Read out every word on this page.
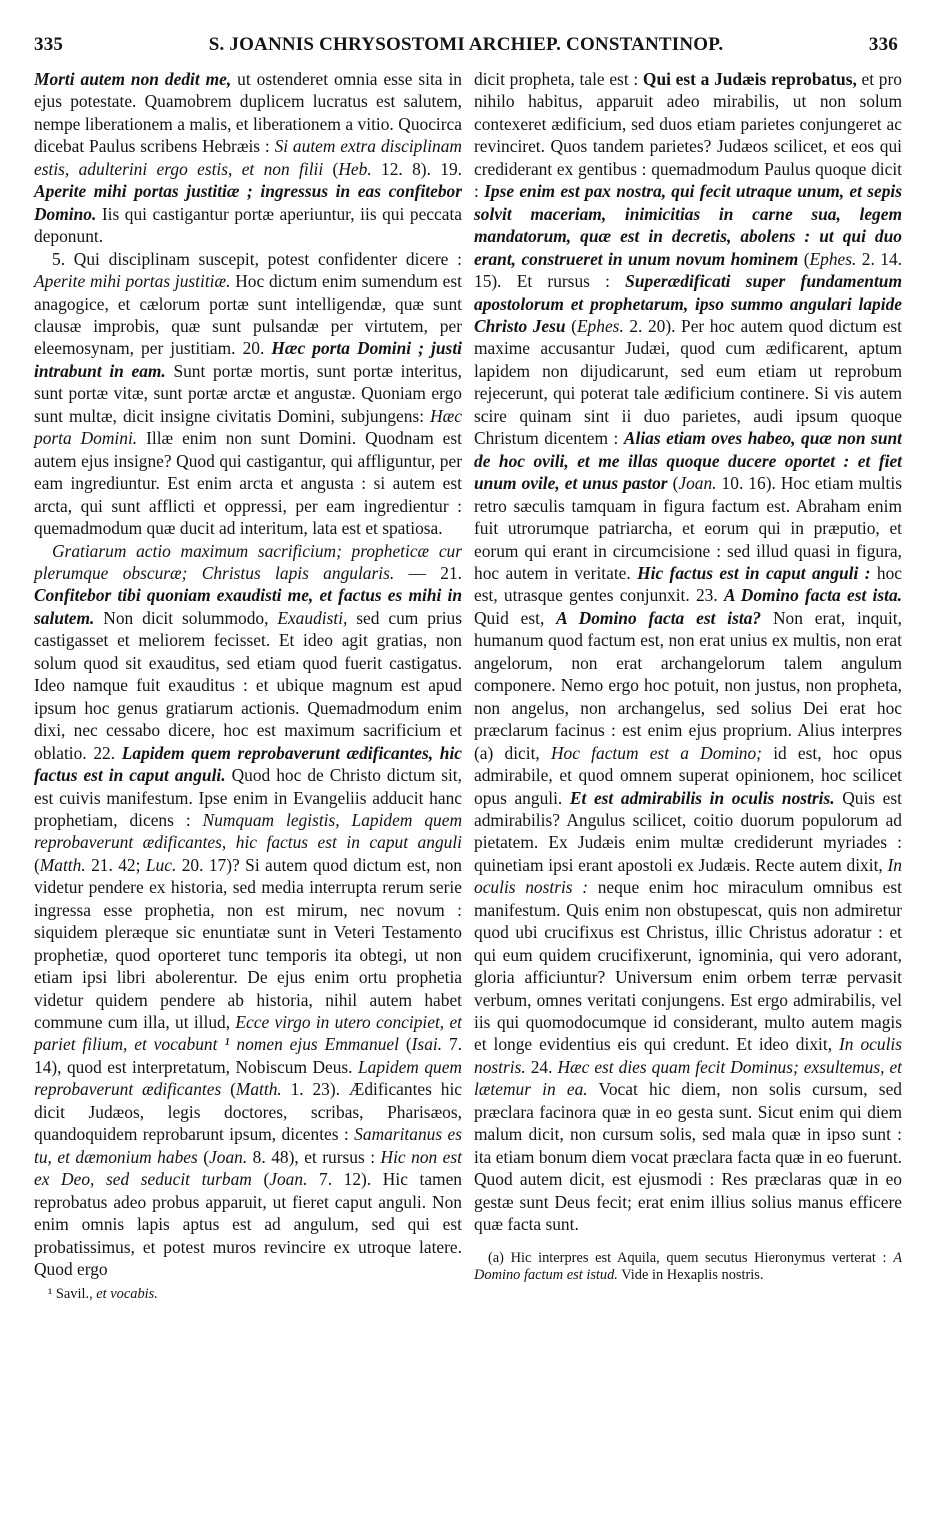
335	S. JOANNIS CHRYSOSTOMI ARCHIEP. CONSTANTINOP.	336

Morti autem non dedit me, ut ostenderet omnia esse sita in ejus potestate. Quamobrem duplicem lucratus est salutem, nempe liberationem a malis, et liberationem a vitio. Quocirca dicebat Paulus scribens Hebræis : Si autem extra disciplinam estis, adulterini ergo estis, et non filii (Heb. 12. 8). 19. Aperite mihi portas justitiæ ; ingressus in eas confitebor Domino. Iis qui castigantur portæ aperiuntur, iis qui peccata deponunt.

5. Qui disciplinam suscepit, potest confidenter dicere : Aperite mihi portas justitiæ. Hoc dictum enim sumendum est anagogice, et cælorum portæ sunt intelligendæ, quæ sunt clausæ improbis, quæ sunt pulsandæ per virtutem, per eleemosynam, per justitiam. 20. Hæc porta Domini ; justi intrabunt in eam. Sunt portæ mortis, sunt portæ interitus, sunt portæ vitæ, sunt portæ arctæ et angustæ. Quoniam ergo sunt multæ, dicit insigne civitatis Domini, subjungens: Hæc porta Domini. Illæ enim non sunt Domini. Quodnam est autem ejus insigne? Quod qui castigantur, qui affliguntur, per eam ingrediuntur. Est enim arcta et angusta : si autem est arcta, qui sunt afflicti et oppressi, per eam ingredientur : quemadmodum quæ ducit ad interitum, lata est et spatiosa.

Gratiarum actio maximum sacrificium; propheticæ cur plerumque obscuræ; Christus lapis angularis. — 21. Confitebor tibi quoniam exaudisti me, et factus es mihi in salutem. Non dicit solummodo, Exaudisti, sed cum prius castigasset et meliorem fecisset. Et ideo agit gratias, non solum quod sit exauditus, sed etiam quod fuerit castigatus. Ideo namque fuit exauditus : et ubique magnum est apud ipsum hoc genus gratiarum actionis. Quemadmodum enim dixi, nec cessabo dicere, hoc est maximum sacrificium et oblatio. 22. Lapidem quem reprobaverunt ædificantes, hic factus est in caput anguli. Quod hoc de Christo dictum sit, est cuivis manifestum. Ipse enim in Evangeliis adducit hanc prophetiam, dicens : Numquam legistis, Lapidem quem reprobaverunt ædificantes, hic factus est in caput anguli (Matth. 21. 42; Luc. 20. 17)? Si autem quod dictum est, non videtur pendere ex historia, sed media interrupta rerum serie ingressa esse prophetia, non est mirum, nec novum : siquidem pleræque sic enuntiatæ sunt in Veteri Testamento prophetiæ, quod oporteret tunc temporis ita obtegi, ut non etiam ipsi libri abolerentur. De ejus enim ortu prophetia videtur quidem pendere ab historia, nihil autem habet commune cum illa, ut illud, Ecce virgo in utero concipiet, et pariet filium, et vocabunt ¹ nomen ejus Emmanuel (Isai. 7. 14), quod est interpretatum, Nobiscum Deus. Lapidem quem reprobaverunt ædificantes (Matth. 1. 23). Ædificantes hic dicit Judæos, legis doctores, scribas, Pharisæos, quandoquidem reprobarunt ipsum, dicentes : Samaritanus es tu, et dæmonium habes (Joan. 8. 48), et rursus : Hic non est ex Deo, sed seducit turbam (Joan. 7. 12). Hic tamen reprobatus adeo probus apparuit, ut fieret caput anguli. Non enim omnis lapis aptus est ad angulum, sed qui est probatissimus, et potest muros revincire ex utroque latere. Quod ergo

¹ Savil., et vocabis.

dicit propheta, tale est : Qui est a Judæis reprobatus, et pro nihilo habitus, apparuit adeo mirabilis, ut non solum contexeret ædificium, sed duos etiam parietes conjungeret ac revinciret. Quos tandem parietes? Judæos scilicet, et eos qui crediderant ex gentibus : quemadmodum Paulus quoque dicit : Ipse enim est pax nostra, qui fecit utraque unum, et sepis solvit maceriam, inimicitias in carne sua, legem mandatorum, quæ est in decretis, abolens : ut qui duo erant, construeret in unum novum hominem (Ephes. 2. 14. 15). Et rursus : Superædificati super fundamentum apostolorum et prophetarum, ipso summo angulari lapide Christo Jesu (Ephes. 2. 20). Per hoc autem quod dictum est maxime accusantur Judæi, quod cum ædificarent, aptum lapidem non dijudicarunt, sed eum etiam ut reprobum rejecerunt, qui poterat tale ædificium continere. Si vis autem scire quinam sint ii duo parietes, audi ipsum quoque Christum dicentem : Alias etiam oves habeo, quæ non sunt de hoc ovili, et me illas quoque ducere oportet : et fiet unum ovile, et unus pastor (Joan. 10. 16). Hoc etiam multis retro sæculis tamquam in figura factum est. Abraham enim fuit utrorumque patriarcha, et eorum qui in præputio, et eorum qui erant in circumcisione : sed illud quasi in figura, hoc autem in veritate. Hic factus est in caput anguli : hoc est, utrasque gentes conjunxit. 23. A Domino facta est ista. Quid est, A Domino facta est ista? Non erat, inquit, humanum quod factum est, non erat unius ex multis, non erat angelorum, non erat archangelorum talem angulum componere. Nemo ergo hoc potuit, non justus, non propheta, non angelus, non archangelus, sed solius Dei erat hoc præclarum facinus : est enim ejus proprium. Alius interpres (a) dicit, Hoc factum est a Domino; id est, hoc opus admirabile, et quod omnem superat opinionem, hoc scilicet opus anguli. Et est admirabilis in oculis nostris. Quis est admirabilis? Angulus scilicet, coitio duorum populorum ad pietatem. Ex Judæis enim multæ crediderunt myriades : quinetiam ipsi erant apostoli ex Judæis. Recte autem dixit, In oculis nostris : neque enim hoc miraculum omnibus est manifestum. Quis enim non obstupescat, quis non admiretur quod ubi crucifixus est Christus, illic Christus adoratur : et qui eum quidem crucifixerunt, ignominia, qui vero adorant, gloria afficiuntur? Universum enim orbem terræ pervasit verbum, omnes veritati conjungens. Est ergo admirabilis, vel iis qui quomodocumque id considerant, multo autem magis et longe evidentius eis qui credunt. Et ideo dixit, In oculis nostris. 24. Hæc est dies quam fecit Dominus; exsultemus, et lætemur in ea. Vocat hic diem, non solis cursum, sed præclara facinora quæ in eo gesta sunt. Sicut enim qui diem malum dicit, non cursum solis, sed mala quæ in ipso sunt : ita etiam bonum diem vocat præclara facta quæ in eo fuerunt. Quod autem dicit, est ejusmodi : Res præclaras quæ in eo gestæ sunt Deus fecit; erat enim illius solius manus efficere quæ facta sunt.

(a) Hic interpres est Aquila, quem secutus Hieronymus verterat : A Domino factum est istud. Vide in Hexaplis nostris.
